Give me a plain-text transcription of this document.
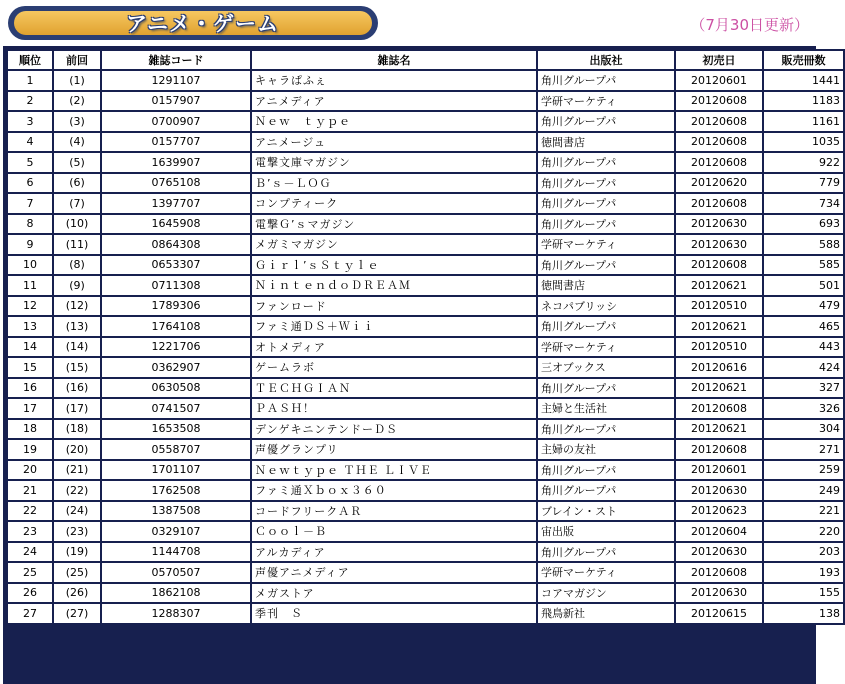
アニメ・ゲーム	（7月30日更新）
順位	前回	雑誌コード	雑誌名	出版社	初売日	販売冊数
1	(1)	1291107	キャラぱふぇ	角川グループパ	20120601	1441
2	(2)	0157907	アニメディア	学研マーケティ	20120608	1183
3	(3)	0700907	Ｎｅｗ　ｔｙｐｅ	角川グループパ	20120608	1161
4	(4)	0157707	アニメージュ	徳間書店	20120608	1035
5	(5)	1639907	電撃文庫マガジン	角川グループパ	20120608	922
6	(6)	0765108	Ｂ’ｓ－ＬＯＧ	角川グループパ	20120620	779
7	(7)	1397707	コンプティーク	角川グループパ	20120608	734
8	(10)	1645908	電撃Ｇ’ｓマガジン	角川グループパ	20120630	693
9	(11)	0864308	メガミマガジン	学研マーケティ	20120630	588
10	(8)	0653307	Ｇｉｒｌ’ｓＳｔｙｌｅ	角川グループパ	20120608	585
11	(9)	0711308	ＮｉｎｔｅｎｄｏＤＲＥＡＭ	徳間書店	20120621	501
12	(12)	1789306	ファンロード	ネコパブリッシ	20120510	479
13	(13)	1764108	ファミ通ＤＳ＋Ｗｉｉ	角川グループパ	20120621	465
14	(14)	1221706	オトメディア	学研マーケティ	20120510	443
15	(15)	0362907	ゲームラボ	三オブックス	20120616	424
16	(16)	0630508	ＴＥＣＨＧＩＡＮ	角川グループパ	20120621	327
17	(17)	0741507	ＰＡＳＨ！	主婦と生活社	20120608	326
18	(18)	1653508	デンゲキニンテンドーＤＳ	角川グループパ	20120621	304
19	(20)	0558707	声優グランプリ	主婦の友社	20120608	271
20	(21)	1701107	Ｎｅｗｔｙｐｅ ＴＨＥ ＬＩＶＥ	角川グループパ	20120601	259
21	(22)	1762508	ファミ通Ｘｂｏｘ３６０	角川グループパ	20120630	249
22	(24)	1387508	コードフリークＡＲ	ブレイン・スト	20120623	221
23	(23)	0329107	Ｃｏｏｌ－Ｂ	宙出版	20120604	220
24	(19)	1144708	アルカディア	角川グループパ	20120630	203
25	(25)	0570507	声優アニメディア	学研マーケティ	20120608	193
26	(26)	1862108	メガストア	コアマガジン	20120630	155
27	(27)	1288307	季刊　Ｓ	飛鳥新社	20120615	138
